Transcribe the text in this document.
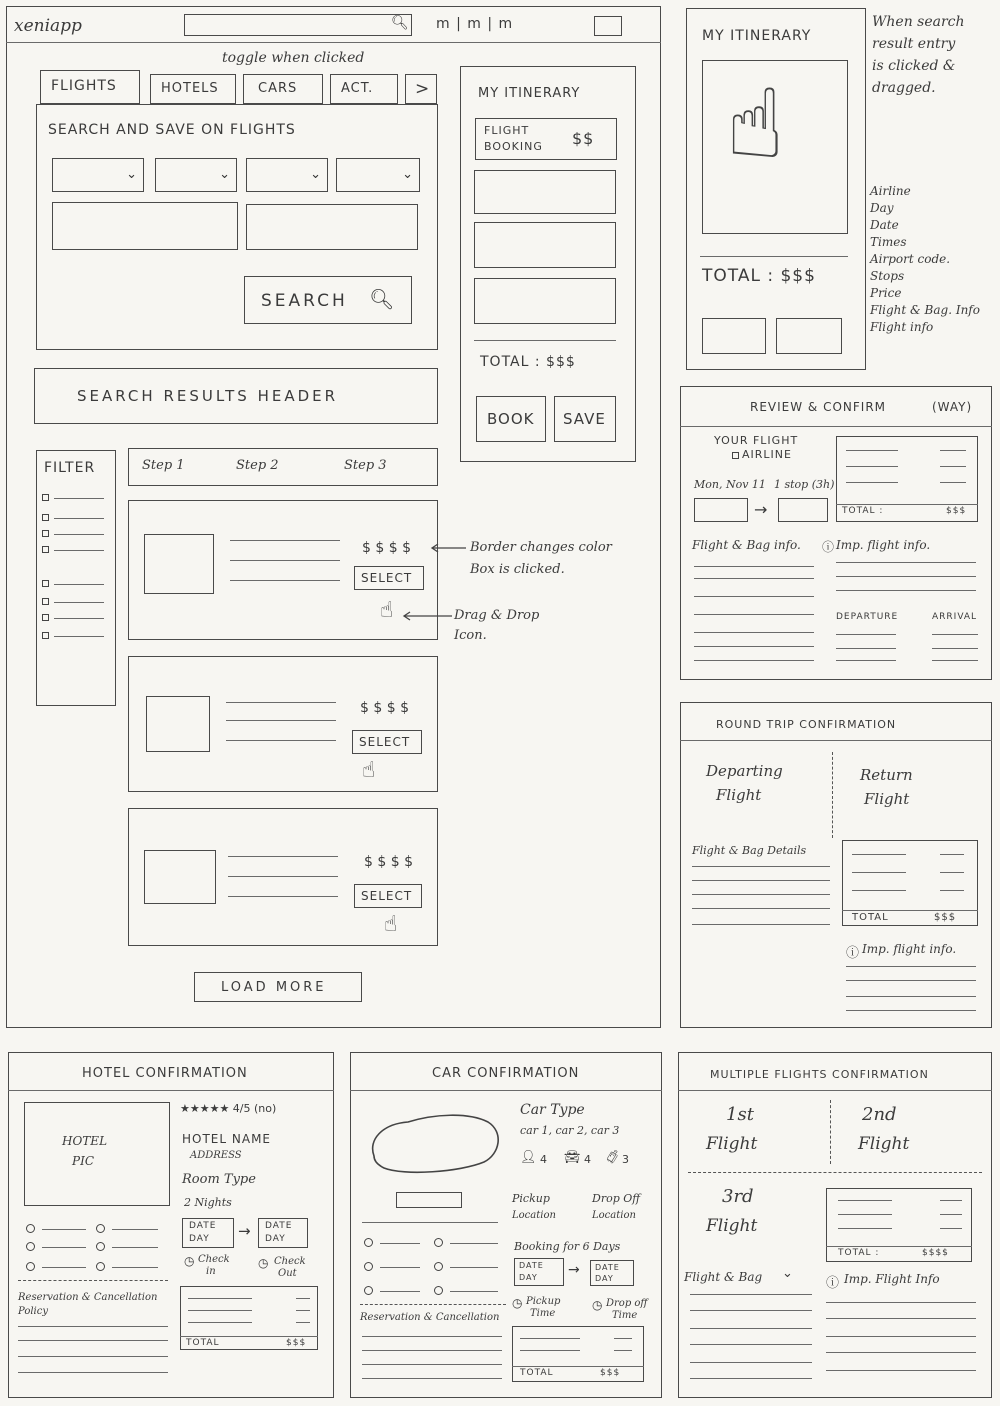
xeniapp	🔍︎ m | m | m
toggle when clicked
FLIGHTS	HOTELS	CARS	ACT. >
SEARCH AND SAVE ON FLIGHTS
⌄	⌄	⌄	⌄
SEARCH 🔍︎
MY ITINERARY
FLIGHT
BOOKING $$
TOTAL : $$$
BOOK SAVE
SEARCH RESULTS HEADER
FILTER	Step 1	Step 2	Step 3
$ $ $ $
SELECT
☝︎
$ $ $ $
SELECT
☝︎
$ $ $ $
SELECT
☝︎
LOAD MORE
Border changes color
Box is clicked.
Drag & Drop
Icon.
MY ITINERARY
☝︎
TOTAL : $$$
REVIEW & CONFIRM	(WAY)
YOUR FLIGHT
AIRLINE
Mon, Nov 11 1 stop (3h)
→	TOTAL :	$$$
Flight & Bag info.	Imp. flight info.
ⓘ
DEPARTURE	ARRIVAL
ROUND TRIP CONFIRMATION
Departing
Flight
Return
Flight
Flight & Bag Details
TOTAL	$$$
ⓘ Imp. flight info.
HOTEL CONFIRMATION
HOTEL
PIC
★★★★★ 4/5 (no)
HOTEL NAME
ADDRESS
Room Type
2 Nights
DATE
DAY → DATE
DAY
◷ Check
in
◷ Check
Out
Reservation & Cancellation
Policy
TOTAL	$$$
CAR CONFIRMATION
Car Type
car 1, car 2, car 3
👤︎ 4 🚘︎ 4 🧳︎ 3
Pickup
Location
Drop Off
Location
Booking for 6 Days
DATE
DAY → DATE
DAY
◷ Pickup
Time
◷ Drop off
Time
Reservation & Cancellation
TOTAL	$$$
MULTIPLE FLIGHTS CONFIRMATION
1st
Flight
2nd
Flight
3rd
Flight
TOTAL :	$$$$
Flight & Bag ⌄
ⓘ Imp. Flight Info
When search
result entry
is clicked &
dragged.
Airline
Day
Date
Times
Airport code.
Stops
Price
Flight & Bag. Info
Flight info
